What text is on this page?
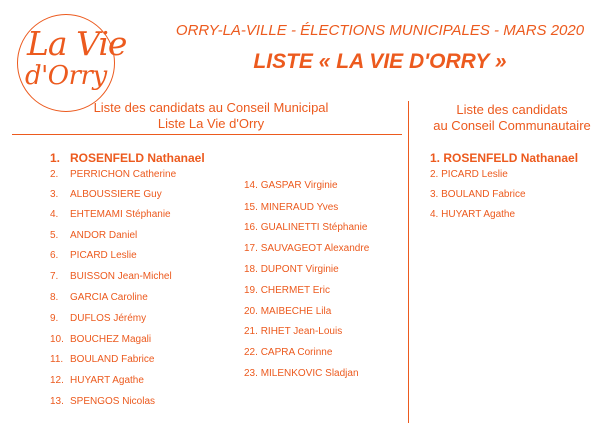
La Vie
d'Orry
ORRY-LA-VILLE - ÉLECTIONS MUNICIPALES - MARS 2020
LISTE « LA VIE D'ORRY »
Liste des candidats au Conseil Municipal
Liste La Vie d'Orry
Liste des candidats
au Conseil Communautaire
1. ROSENFELD Nathanael
2. PERRICHON Catherine
3. ALBOUSSIERE Guy
4. EHTEMAMI Stéphanie
5. ANDOR Daniel
6. PICARD Leslie
7. BUISSON Jean-Michel
8. GARCIA Caroline
9. DUFLOS Jérémy
10. BOUCHEZ Magali
11. BOULAND Fabrice
12. HUYART Agathe
13. SPENGOS Nicolas
14. GASPAR Virginie
15. MINERAUD Yves
16. GUALINETTI Stéphanie
17. SAUVAGEOT Alexandre
18. DUPONT Virginie
19. CHERMET Eric
20. MAIBECHE Lila
21. RIHET Jean-Louis
22. CAPRA Corinne
23. MILENKOVIC Sladjan
1. ROSENFELD Nathanael
2. PICARD Leslie
3. BOULAND Fabrice
4. HUYART Agathe
